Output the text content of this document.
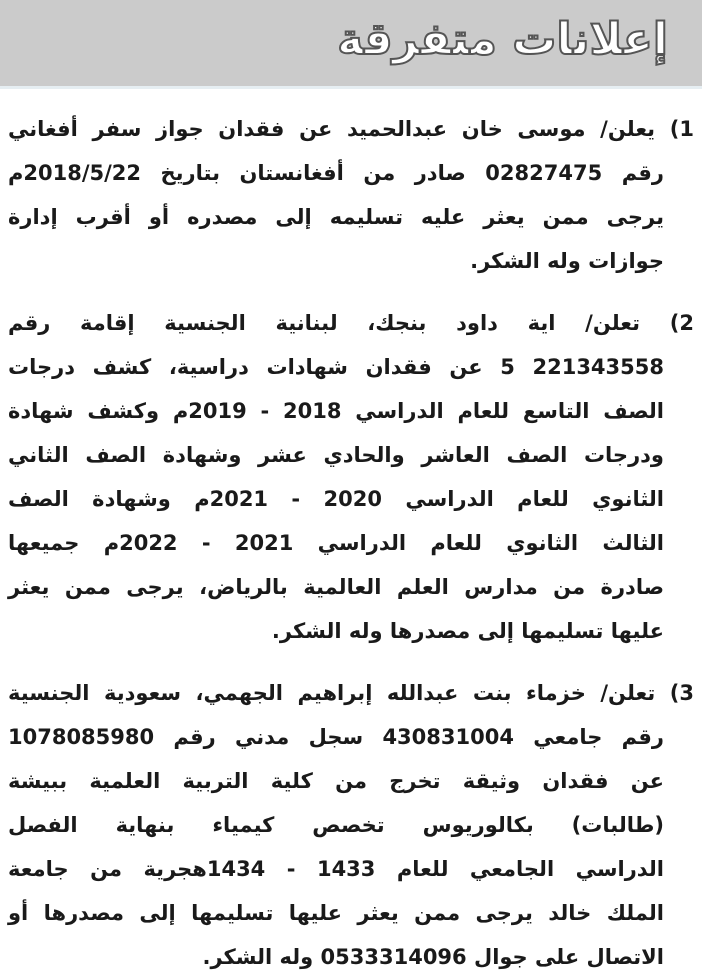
إعلانات متفرقة
1) يعلن/ موسى خان عبدالحميد عن فقدان جواز سفر أفغاني
رقم 02827475 صادر من أفغانستان بتاريخ 2018/5/22م
يرجى ممن يعثر عليه تسليمه إلى مصدره أو أقرب إدارة
جوازات وله الشكر.
2) تعلن/ اية داود بنجك، لبنانية الجنسية إقامة رقم
221343558 5 عن فقدان شهادات دراسية، كشف درجات
الصف التاسع للعام الدراسي 2018 - 2019م وكشف شهادة
ودرجات الصف العاشر والحادي عشر وشهادة الصف الثاني
الثانوي للعام الدراسي 2020 - 2021م وشهادة الصف
الثالث الثانوي للعام الدراسي 2021 - 2022م جميعها
صادرة من مدارس العلم العالمية بالرياض، يرجى ممن يعثر
عليها تسليمها إلى مصدرها وله الشكر.
3) تعلن/ خزماء بنت عبدالله إبراهيم الجهمي، سعودية الجنسية
رقم جامعي 430831004 سجل مدني رقم 1078085980
عن فقدان وثيقة تخرج من كلية التربية العلمية ببيشة
(طالبات) بكالوريوس تخصص كيمياء بنهاية الفصل
الدراسي الجامعي للعام 1433 - 1434هجرية من جامعة
الملك خالد يرجى ممن يعثر عليها تسليمها إلى مصدرها أو
الاتصال على جوال 0533314096 وله الشكر.
